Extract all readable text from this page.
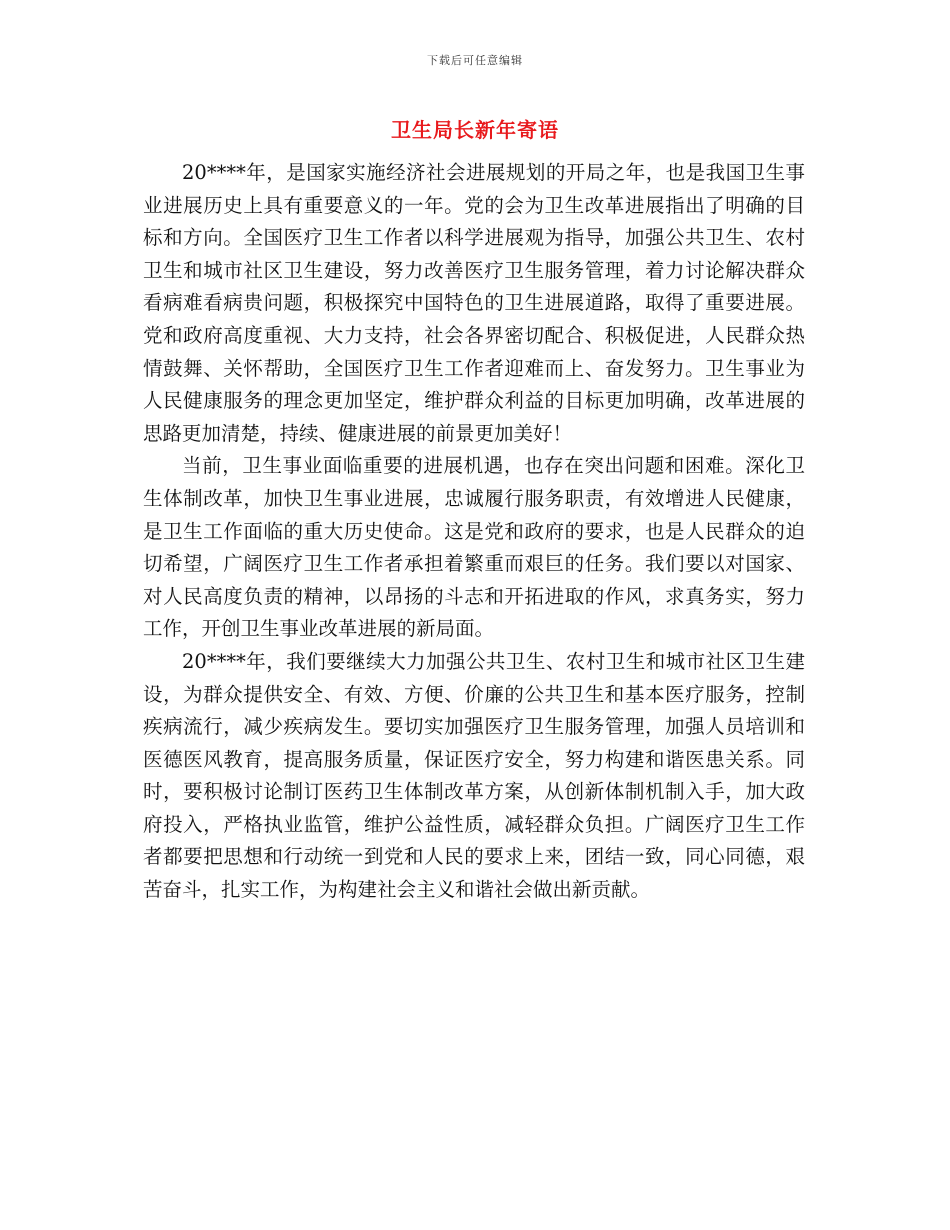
下载后可任意编辑
卫生局长新年寄语

20****年，是国家实施经济社会进展规划的开局之年，也是我国卫生事业进展历史上具有重要意义的一年。党的会为卫生改革进展指出了明确的目标和方向。全国医疗卫生工作者以科学进展观为指导，加强公共卫生、农村卫生和城市社区卫生建设，努力改善医疗卫生服务管理，着力讨论解决群众看病难看病贵问题，积极探究中国特色的卫生进展道路，取得了重要进展。党和政府高度重视、大力支持，社会各界密切配合、积极促进，人民群众热情鼓舞、关怀帮助，全国医疗卫生工作者迎难而上、奋发努力。卫生事业为人民健康服务的理念更加坚定，维护群众利益的目标更加明确，改革进展的思路更加清楚，持续、健康进展的前景更加美好！

当前，卫生事业面临重要的进展机遇，也存在突出问题和困难。深化卫生体制改革，加快卫生事业进展，忠诚履行服务职责，有效增进人民健康，是卫生工作面临的重大历史使命。这是党和政府的要求，也是人民群众的迫切希望，广阔医疗卫生工作者承担着繁重而艰巨的任务。我们要以对国家、对人民高度负责的精神，以昂扬的斗志和开拓进取的作风，求真务实，努力工作，开创卫生事业改革进展的新局面。

20****年，我们要继续大力加强公共卫生、农村卫生和城市社区卫生建设，为群众提供安全、有效、方便、价廉的公共卫生和基本医疗服务，控制疾病流行，减少疾病发生。要切实加强医疗卫生服务管理，加强人员培训和医德医风教育，提高服务质量，保证医疗安全，努力构建和谐医患关系。同时，要积极讨论制订医药卫生体制改革方案，从创新体制机制入手，加大政府投入，严格执业监管，维护公益性质，减轻群众负担。广阔医疗卫生工作者都要把思想和行动统一到党和人民的要求上来，团结一致，同心同德，艰苦奋斗，扎实工作，为构建社会主义和谐社会做出新贡献。
